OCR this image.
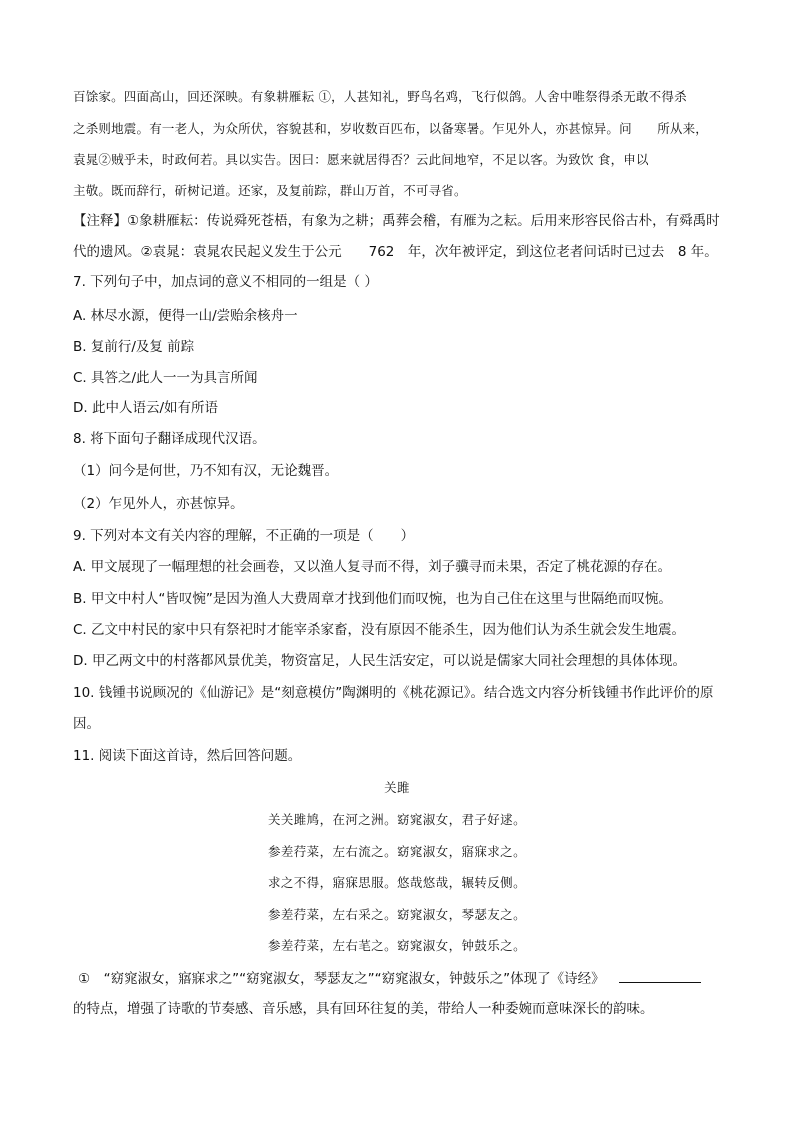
百馀家。四面高山，回还深映。有象耕雁耘 ①，人甚知礼，野鸟名鸡，飞行似鸽。人舍中唯祭得杀无敢不得杀
之杀则地震。有一老人，为众所伏，容貌甚和，岁收数百匹布，以备寒暑。乍见外人，亦甚惊异。问　　所从来，
袁晁②贼乎未，时政何若。具以实告。因曰：愿来就居得否？云此间地窄，不足以客。为致饮 食，申以
主敬。既而辞行，斫树记道。还家，及复前踪，群山万首，不可寻省。
【注释】①象耕雁耘：传说舜死苍梧，有象为之耕；禹葬会稽，有雁为之耘。后用来形容民俗古朴，有舜禹时
代的遗风。②袁晁：袁晁农民起义发生于公元　　762　年，次年被评定，到这位老者问话时已过去　8 年。
7. 下列句子中，加点词的意义不相同的一组是（ ）
A. 林尽水源，便得一山/尝贻余核舟一
B. 复前行/及复 前踪
C. 具答之/此人一一为具言所闻
D. 此中人语云/如有所语
8. 将下面句子翻译成现代汉语。
（1）问今是何世，乃不知有汉，无论魏晋。
（2）乍见外人，亦甚惊异。
9. 下列对本文有关内容的理解，不正确的一项是（　　）
A. 甲文展现了一幅理想的社会画卷，又以渔人复寻而不得，刘子骥寻而未果，否定了桃花源的存在。
B. 甲文中村人“皆叹惋”是因为渔人大费周章才找到他们而叹惋，也为自己住在这里与世隔绝而叹惋。
C. 乙文中村民的家中只有祭祀时才能宰杀家畜，没有原因不能杀生，因为他们认为杀生就会发生地震。
D. 甲乙两文中的村落都风景优美，物资富足，人民生活安定，可以说是儒家大同社会理想的具体体现。
10. 钱锺书说顾况的《仙游记》是“刻意模仿”陶渊明的《桃花源记》。结合选文内容分析钱锺书作此评价的原
因。
11. 阅读下面这首诗，然后回答问题。
关雎
关关雎鸠，在河之洲。窈窕淑女，君子好逑。
参差荇菜，左右流之。窈窕淑女，寤寐求之。
求之不得，寤寐思服。悠哉悠哉，辗转反侧。
参差荇菜，左右采之。窈窕淑女，琴瑟友之。
参差荇菜，左右芼之。窈窕淑女，钟鼓乐之。
①　“窈窕淑女，寤寐求之”“窈窕淑女，琴瑟友之”“窈窕淑女，钟鼓乐之”体现了《诗经》
的特点，增强了诗歌的节奏感、音乐感，具有回环往复的美，带给人一种委婉而意味深长的韵味。
